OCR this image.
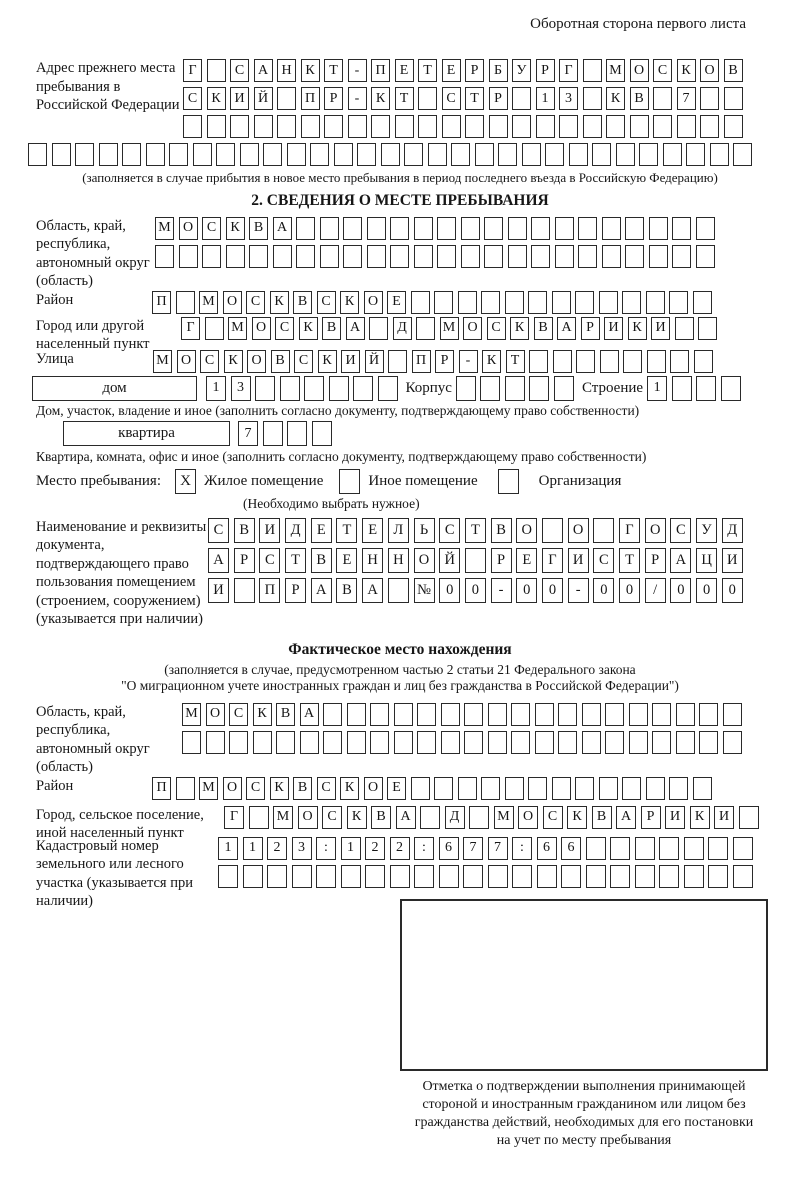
Оборотная сторона первого листа
Адрес прежнего места пребывания в Российской Федерации
Г	С А Н К	Т	-	П	Е	Т	Е	Р	Б	У	Р	Г	М О С	К О В
С	К И Й	П	Р	-	К	Т	С	Т	Р	1	3	К	В	7
(заполняется в случае прибытия в новое место пребывания в период последнего въезда в Российскую Федерацию)
2. СВЕДЕНИЯ О МЕСТЕ ПРЕБЫВАНИЯ
Область, край, республика, автономный округ (область)
М О С	К	В А
Район	П	М О С	К	В	С	К О	Е
Город или другой населенный пункт
Г	М О С	К	В А	Д	М О С	К	В А	Р	И К И
Улица	М О С	К О В	С	К И Й	П	Р	-	К	Т
дом	1	3	Корпус	Строение 1
Дом, участок, владение и иное (заполнить согласно документу, подтверждающему право собственности)
квартира	7
Квартира, комната, офис и иное (заполнить согласно документу, подтверждающему право собственности)
Место пребывания:	X Жилое помещение	Иное помещение	Организация
(Необходимо выбрать нужное)
Наименование и реквизиты документа, подтверждающего право пользования помещением (строением, сооружением) (указывается при наличии)
С	В	И	Д	Е	Т	Е	Л	Ь	С	Т	В	О	О	Г	О	С	У	Д
А	Р	С	Т	В	Е	Н	Н	О	Й	Р	Е	Г	И	С	Т	Р	А	Ц	И
И	П	Р	А	В	А	№	0	0	-	0	0	-	0	0	/	0	0	0
Фактическое место нахождения
(заполняется в случае, предусмотренном частью 2 статьи 21 Федерального закона
"О миграционном учете иностранных граждан и лиц без гражданства в Российской Федерации")
Область, край, республика, автономный округ (область)
М О С	К	В А
Район	П	М О С	К	В	С	К О	Е
Город, сельское поселение, иной населенный пункт
Г	М О	С	К	В	А	Д	М О	С	К	В	А	Р	И	К	И
Кадастровый номер земельного или лесного участка (указывается при наличии)
1	1	2	3	:	1	2	2	:	6	7	7	:	6	6
Отметка о подтверждении выполнения принимающей
стороной и иностранным гражданином или лицом без
гражданства действий, необходимых для его постановки
на учет по месту пребывания
